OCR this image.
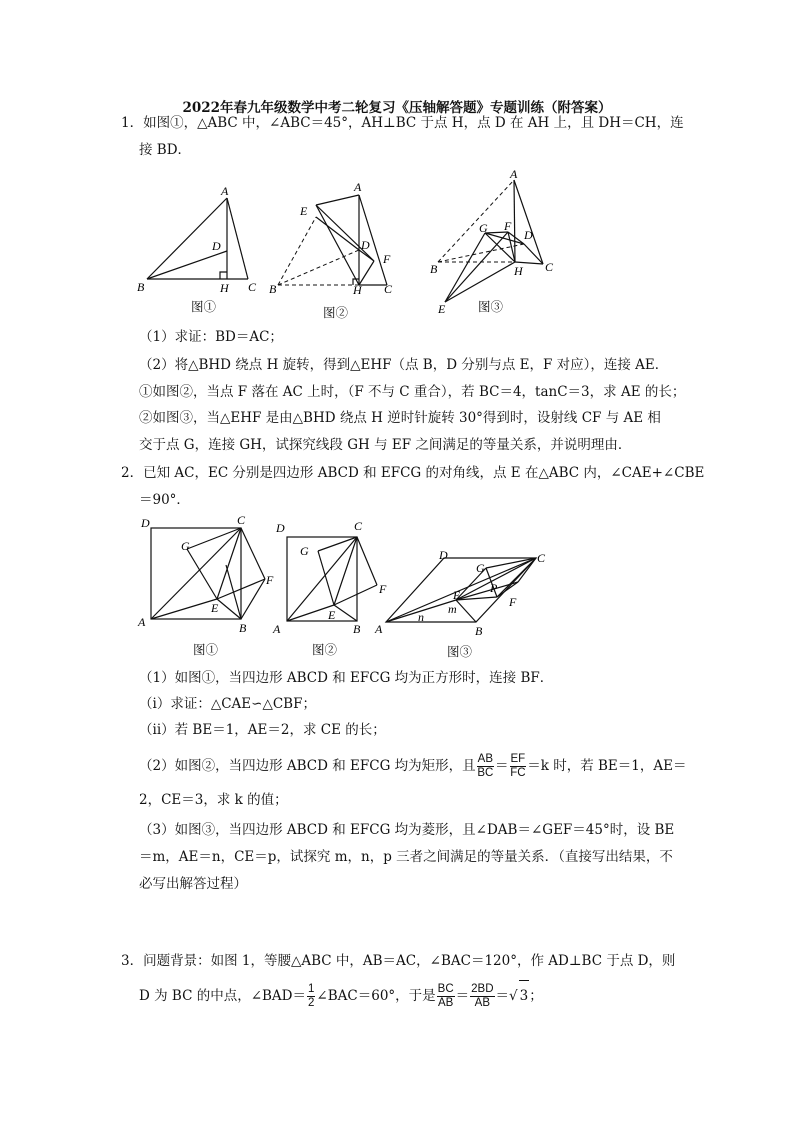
2022年春九年级数学中考二轮复习《压轴解答题》专题训练（附答案）
1．如图①，△ABC 中，∠ABC＝45°，AH⊥BC 于点 H，点 D 在 AH 上，且 DH＝CH，连
接 BD．
A
B	C
D
H
图①
A
B	C
D
E
F
H
图②
A
B	C
D
E
F
G
H
图③
（1）求证：BD＝AC；
（2）将△BHD 绕点 H 旋转，得到△EHF（点 B，D 分别与点 E，F 对应），连接 AE．
①如图②，当点 F 落在 AC 上时，（F 不与 C 重合），若 BC＝4，tanC＝3，求 AE 的长；
②如图③，当△EHF 是由△BHD 绕点 H 逆时针旋转 30°得到时，设射线 CF 与 AE 相
交于点 G，连接 GH，试探究线段 GH 与 EF 之间满足的等量关系，并说明理由．
2．已知 AC，EC 分别是四边形 ABCD 和 EFCG 的对角线，点 E 在△ABC 内，∠CAE+∠CBE
＝90°．
D	C
A	B
G
E
F
图①
D	C
A	B
G
E
F
图②
A	B
C
D
E	F
G
P
m
n
图③
（1）如图①，当四边形 ABCD 和 EFCG 均为正方形时，连接 BF．
（i）求证：△CAE∽△CBF；
（ii）若 BE＝1，AE＝2，求 CE 的长；
（2）如图②，当四边形 ABCD 和 EFCG 均为矩形，且 $\frac{AB}{BC} = \frac{EF}{FC} =k$ 时，若 BE＝1，AE＝
2，CE＝3，求 k 的值；
（3）如图③，当四边形 ABCD 和 EFCG 均为菱形，且∠DAB＝∠GEF＝45°时，设 BE
＝m，AE＝n，CE＝p，试探究 m，n，p 三者之间满足的等量关系．（直接写出结果，不
必写出解答过程）
3．问题背景：如图 1，等腰△ABC 中，AB＝AC，∠BAC＝120°，作 AD⊥BC 于点 D，则
D 为 BC 的中点，∠BAD＝ $\frac{1}{2}$ ∠BAC＝60°，于是 $\frac{BC}{AB} = \frac{2BD}{AB}$ ＝√ 3；
